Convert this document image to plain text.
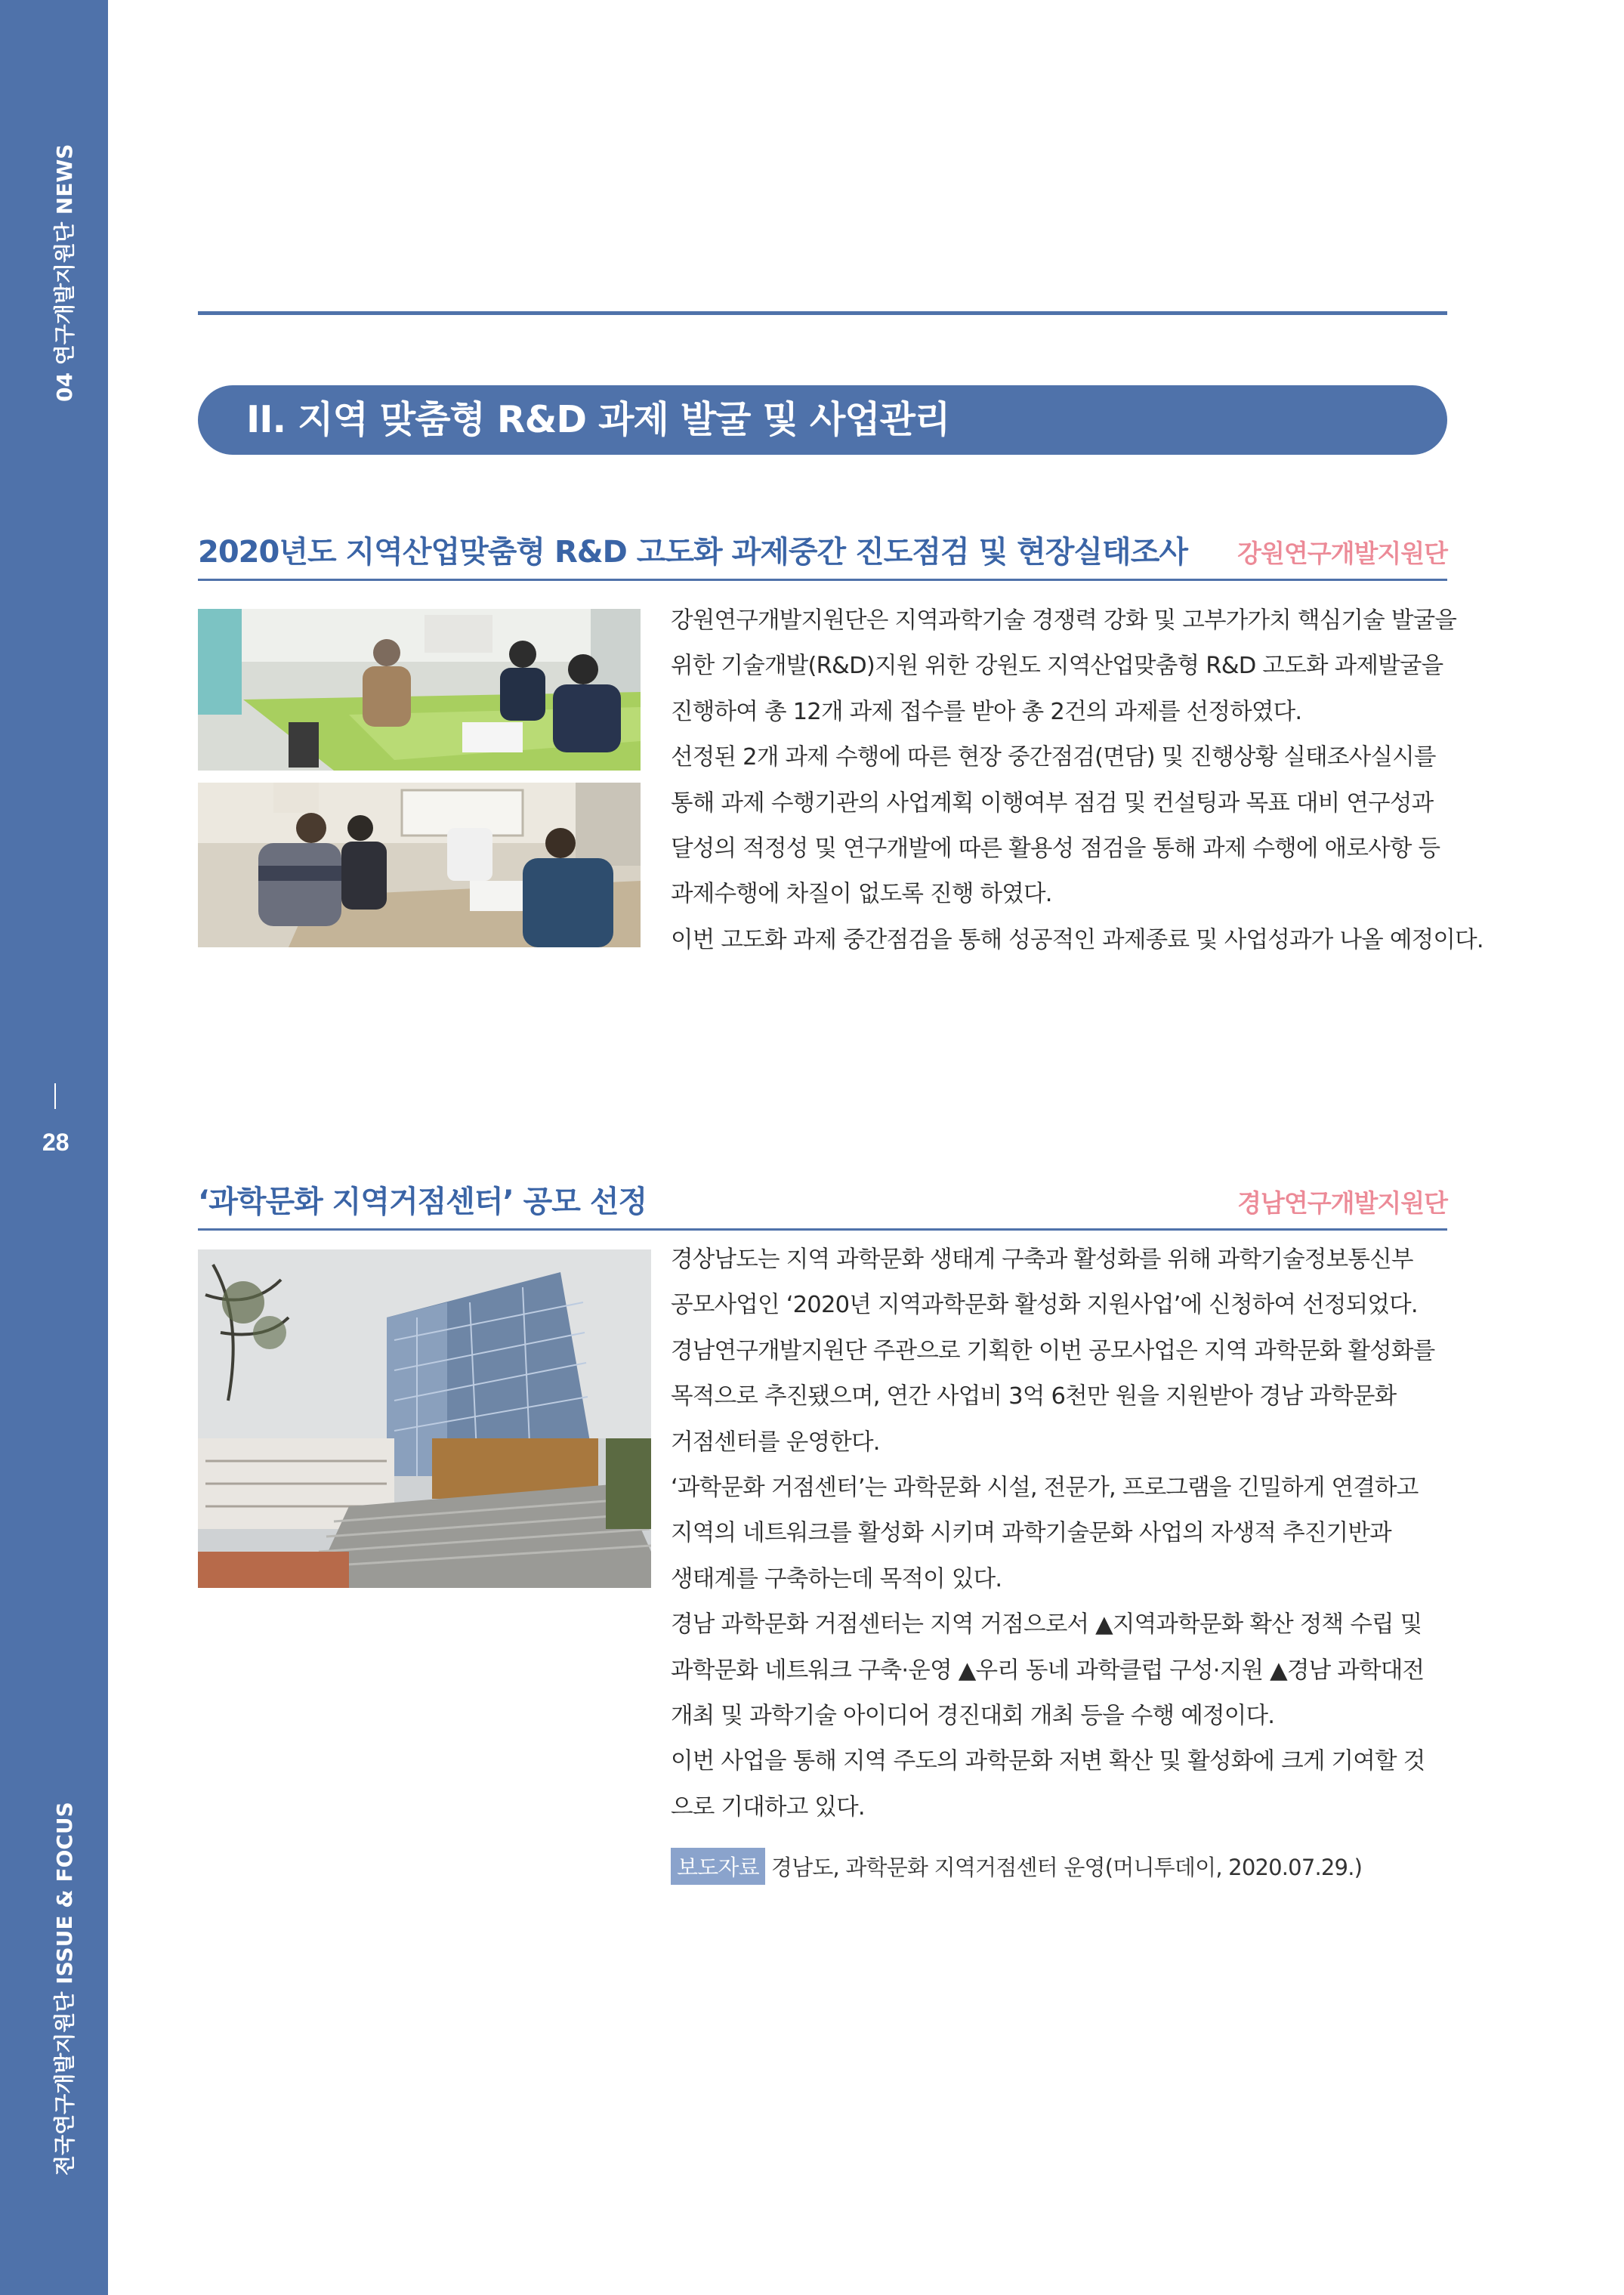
04 연구개발지원단 NEWS
28
전국연구개발지원단 ISSUE & FOCUS
II. 지역 맞춤형 R&D 과제 발굴 및 사업관리
2020년도 지역산업맞춤형 R&D 고도화 과제중간 진도점검 및 현장실태조사 강원연구개발지원단

강원연구개발지원단은 지역과학기술 경쟁력 강화 및 고부가가치 핵심기술 발굴을

위한 기술개발(R&D)지원 위한 강원도 지역산업맞춤형 R&D 고도화 과제발굴을

진행하여 총 12개 과제 접수를 받아 총 2건의 과제를 선정하였다.

선정된 2개 과제 수행에 따른 현장 중간점검(면담) 및 진행상황 실태조사실시를

통해 과제 수행기관의 사업계획 이행여부 점검 및 컨설팅과 목표 대비 연구성과

달성의 적정성 및 연구개발에 따른 활용성 점검을 통해 과제 수행에 애로사항 등

과제수행에 차질이 없도록 진행 하였다.

이번 고도화 과제 중간점검을 통해 성공적인 과제종료 및 사업성과가 나올 예정이다.

‘과학문화 지역거점센터’ 공모 선정	경남연구개발지원단

경상남도는 지역 과학문화 생태계 구축과 활성화를 위해 과학기술정보통신부

공모사업인 ‘2020년 지역과학문화 활성화 지원사업’에 신청하여 선정되었다.

경남연구개발지원단 주관으로 기획한 이번 공모사업은 지역 과학문화 활성화를

목적으로 추진됐으며, 연간 사업비 3억 6천만 원을 지원받아 경남 과학문화

거점센터를 운영한다.

‘과학문화 거점센터’는 과학문화 시설, 전문가, 프로그램을 긴밀하게 연결하고

지역의 네트워크를 활성화 시키며 과학기술문화 사업의 자생적 추진기반과

생태계를 구축하는데 목적이 있다.

경남 과학문화 거점센터는 지역 거점으로서 ▲지역과학문화 확산 정책 수립 및

과학문화 네트워크 구축·운영 ▲우리 동네 과학클럽 구성·지원 ▲경남 과학대전

개최 및 과학기술 아이디어 경진대회 개최 등을 수행 예정이다.

이번 사업을 통해 지역 주도의 과학문화 저변 확산 및 활성화에 크게 기여할 것

으로 기대하고 있다.

보도자료 경남도, 과학문화 지역거점센터 운영(머니투데이, 2020.07.29.)
